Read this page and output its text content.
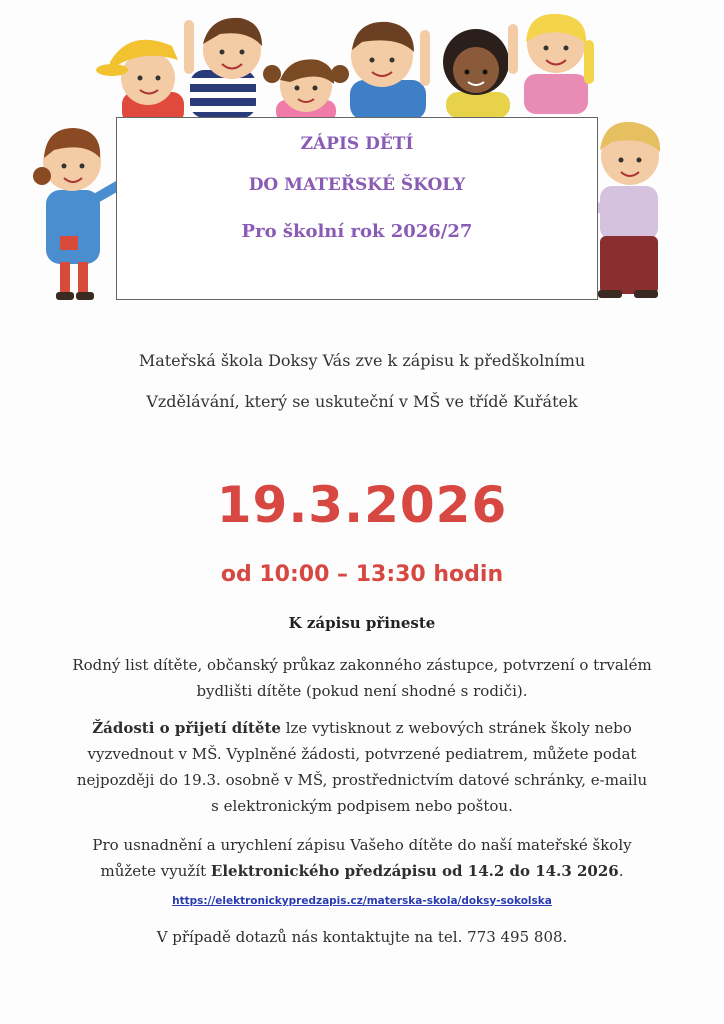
ZÁPIS DĚTÍ
DO MATEŘSKÉ ŠKOLY
Pro školní rok 2026/27
Mateřská škola Doksy Vás zve k zápisu k předškolnímu
Vzdělávání, který se uskuteční v MŠ ve třídě Kuřátek
19.3.2026
od 10:00 – 13:30 hodin
K zápisu přineste
Rodný list dítěte, občanský průkaz zakonného zástupce, potvrzení o trvalém
bydlišti dítěte (pokud není shodné s rodiči).
Žádosti o přijetí dítěte lze vytisknout z webových stránek školy nebo
vyzvednout v MŠ. Vyplněné žádosti, potvrzené pediatrem, můžete podat
nejpozději do 19.3. osobně v MŠ, prostřednictvím datové schránky, e-mailu
s elektronickým podpisem nebo poštou.
Pro usnadnění a urychlení zápisu Vašeho dítěte do naší mateřské školy
můžete využít Elektronického předzápisu od 14.2 do 14.3 2026.
https://elektronickypredzapis.cz/materska-skola/doksy-sokolska
V případě dotazů nás kontaktujte na tel. 773 495 808.
